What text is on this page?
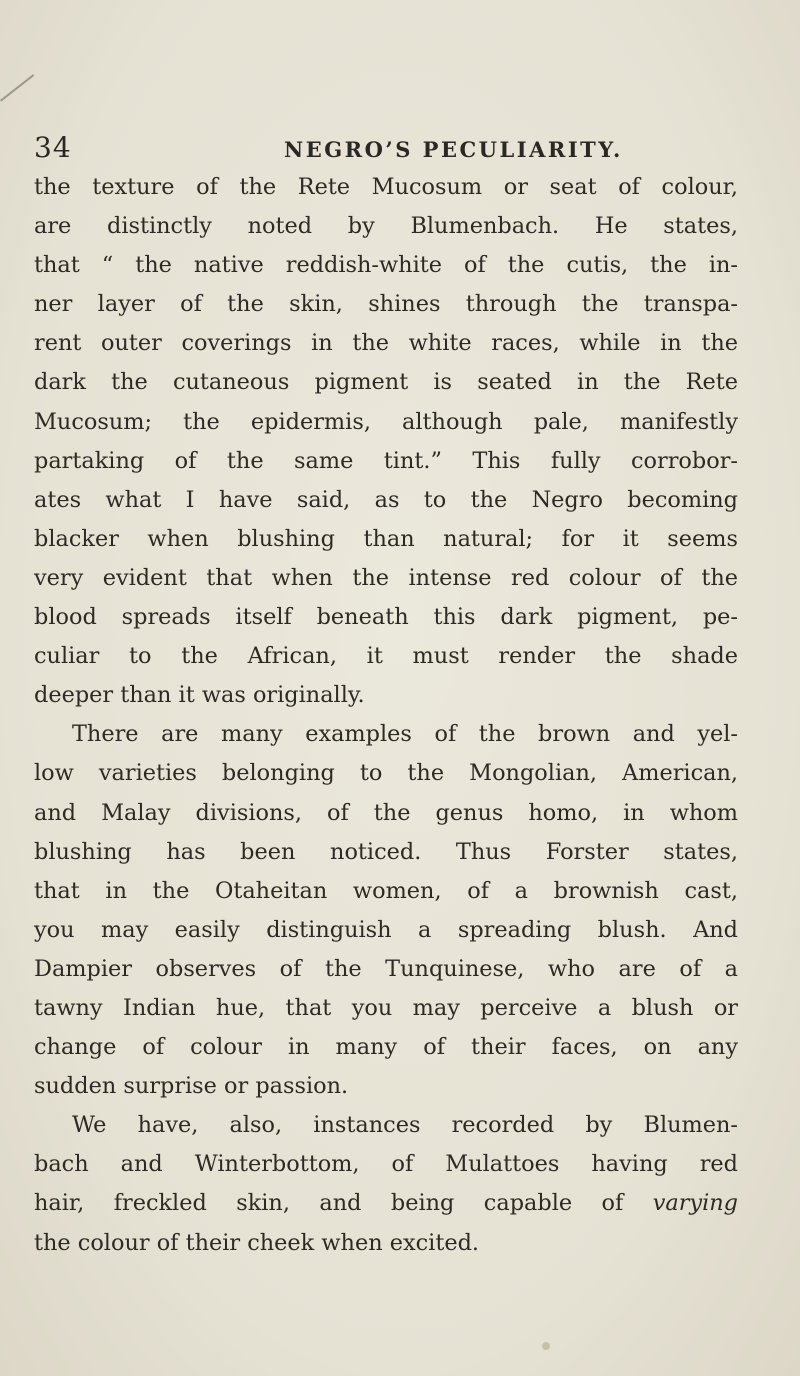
34	NEGRO’S PECULIARITY.
the texture of the Rete Mucosum or seat of colour,
are distinctly noted by Blumenbach. He states,
that “ the native reddish-white of the cutis, the in-
ner layer of the skin, shines through the transpa-
rent outer coverings in the white races, while in the
dark the cutaneous pigment is seated in the Rete
Mucosum; the epidermis, although pale, manifestly
partaking of the same tint.” This fully corrobor-
ates what I have said, as to the Negro becoming
blacker when blushing than natural; for it seems
very evident that when the intense red colour of the
blood spreads itself beneath this dark pigment, pe-
culiar to the African, it must render the shade
deeper than it was originally.
There are many examples of the brown and yel-
low varieties belonging to the Mongolian, American,
and Malay divisions, of the genus homo, in whom
blushing has been noticed. Thus Forster states,
that in the Otaheitan women, of a brownish cast,
you may easily distinguish a spreading blush. And
Dampier observes of the Tunquinese, who are of a
tawny Indian hue, that you may perceive a blush or
change of colour in many of their faces, on any
sudden surprise or passion.
We have, also, instances recorded by Blumen-
bach and Winterbottom, of Mulattoes having red
hair, freckled skin, and being capable of varying
the colour of their cheek when excited.
